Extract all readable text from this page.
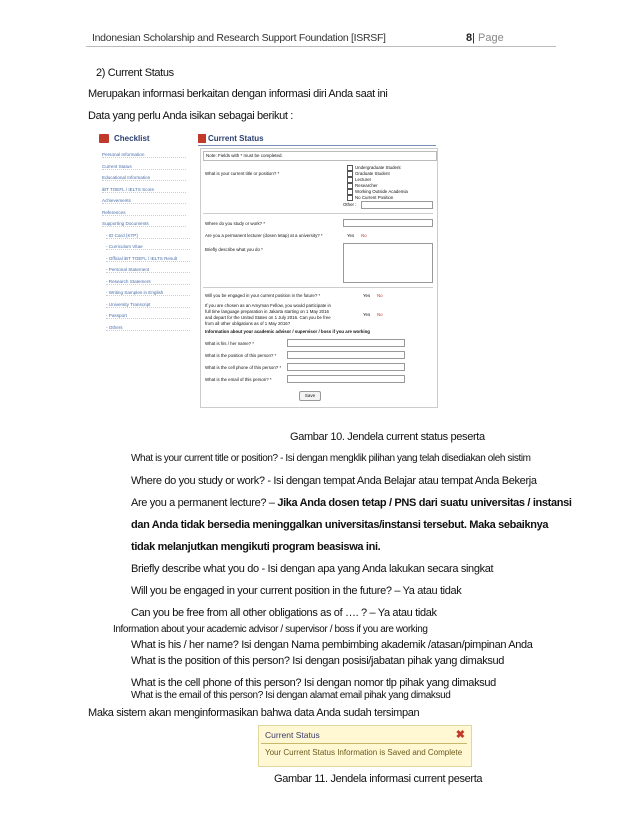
Indonesian Scholarship and Research Support Foundation [ISRSF]	8| Page
2) Current Status
Merupakan informasi berkaitan dengan informasi diri Anda saat ini
Data yang perlu Anda isikan sebagai berikut :
Checklist
Personal Information
Current Status
Educational Information
iBT TOEFL / IELTS Score
Achievements
References
Supporting Documents
- ID Card (KTP)
- Curriculum Vitae
- Official iBT TOEFL / IELTS Result
- Personal Statement
- Research Statement
- Writing Samples in English
- University Transcript
- Passport
- Others
Current Status
Note: Fields with * must be completed.
What is your current title or position? *
Undergraduate Student
Graduate Student
Lecturer
Researcher
Working Outside Academia
No Current Position
Other :
Where do you study or work? *
Are you a permanent lecturer (dosen tetap) at a university? *	Yes No
Briefly describe what you do *
Will you be engaged in your current position in the future? *	Yes No
If you are chosen as an Amyman Fellow, you would participate in
full time language preparation in Jakarta starting on 1 May 2016
and depart for the United States on 1 July 2016. Can you be free
from all other obligations as of 1 May 2016?
Yes No
Information about your academic advisor / supervisor / boss if you are working
What is his / her name? *
What is the position of this person? *
What is the cell phone of this person? *
What is the email of this person? *
Save
Gambar 10. Jendela current status peserta
What is your current title or position? - Isi dengan mengklik pilihan yang telah disediakan oleh sistim
Where do you study or work? - Isi dengan tempat Anda Belajar atau tempat Anda Bekerja
Are you a permanent lecture? – Jika Anda dosen tetap / PNS dari suatu universitas / instansi
dan Anda tidak bersedia meninggalkan universitas/instansi tersebut. Maka sebaiknya
tidak melanjutkan mengikuti program beasiswa ini.
Briefly describe what you do - Isi dengan apa yang Anda lakukan secara singkat
Will you be engaged in your current position in the future? – Ya atau tidak
Can you be free from all other obligations as of …. ? – Ya atau tidak
Information about your academic advisor / supervisor / boss if you are working
What is his / her name? Isi dengan Nama pembimbing akademik /atasan/pimpinan Anda
What is the position of this person? Isi dengan posisi/jabatan pihak yang dimaksud
What is the cell phone of this person? Isi dengan nomor tlp pihak yang dimaksud
What is the email of this person? Isi dengan alamat email pihak yang dimaksud
Maka sistem akan menginformasikan bahwa data Anda sudah tersimpan
Current Status	✖
Your Current Status Information is Saved and Complete
Gambar 11. Jendela informasi current peserta
